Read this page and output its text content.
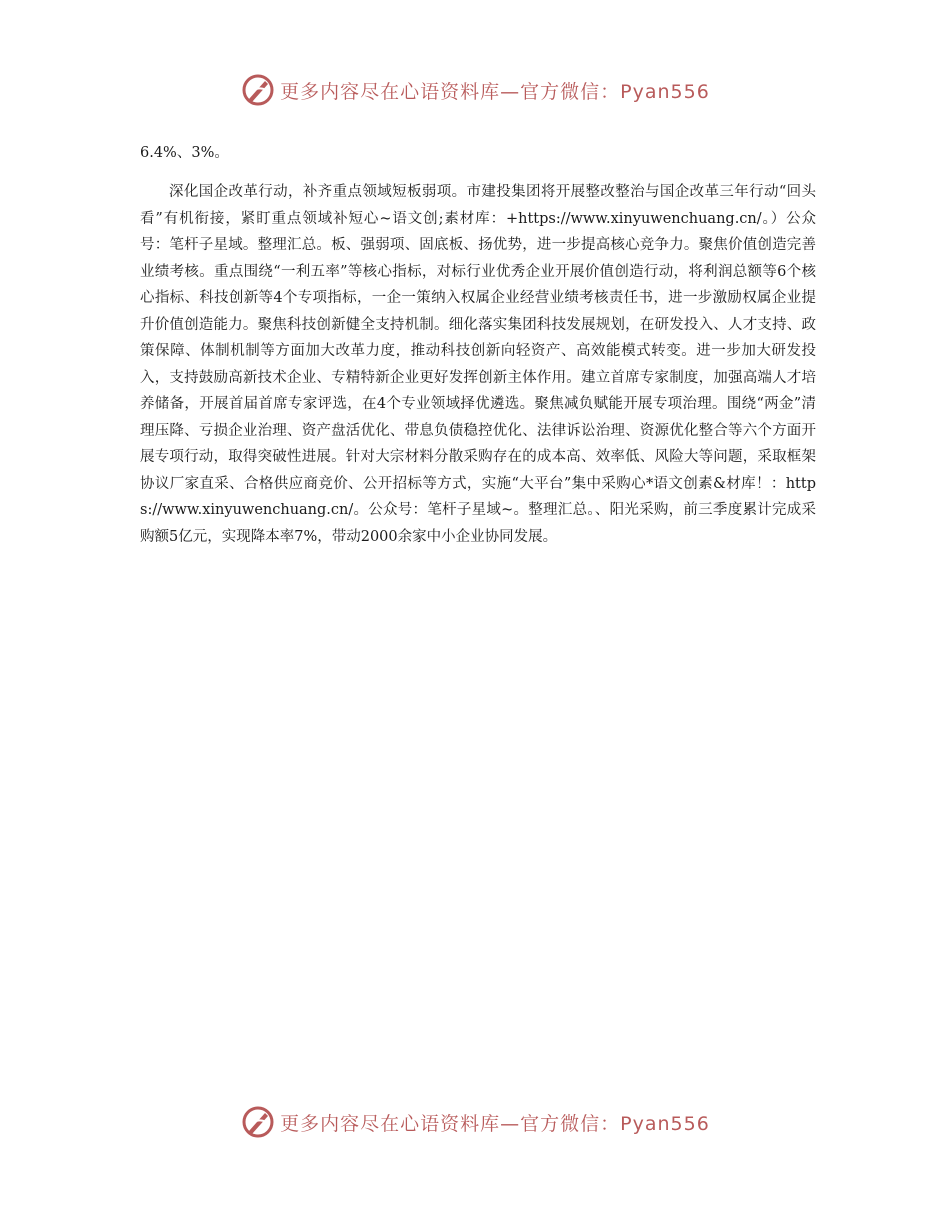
更多内容尽在心语资料库—官方微信：Pyan556

6.4%、3%。

深化国企改革行动，补齐重点领域短板弱项。市建投集团将开展整改整治与国企改革三年行动“回头看”有机衔接，紧盯重点领域补短心~语文创;素材库：+https://www.xinyuwenchuang.cn/。）公众号：笔杆子星域。整理汇总。板、强弱项、固底板、扬优势，进一步提高核心竞争力。聚焦价值创造完善业绩考核。重点围绕“一利五率”等核心指标，对标行业优秀企业开展价值创造行动，将利润总额等6个核心指标、科技创新等4个专项指标，一企一策纳入权属企业经营业绩考核责任书，进一步激励权属企业提升价值创造能力。聚焦科技创新健全支持机制。细化落实集团科技发展规划，在研发投入、人才支持、政策保障、体制机制等方面加大改革力度，推动科技创新向轻资产、高效能模式转变。进一步加大研发投入，支持鼓励高新技术企业、专精特新企业更好发挥创新主体作用。建立首席专家制度，加强高端人才培养储备，开展首届首席专家评选，在4个专业领域择优遴选。聚焦减负赋能开展专项治理。围绕“两金”清理压降、亏损企业治理、资产盘活优化、带息负债稳控优化、法律诉讼治理、资源优化整合等六个方面开展专项行动，取得突破性进展。针对大宗材料分散采购存在的成本高、效率低、风险大等问题，采取框架协议厂家直采、合格供应商竞价、公开招标等方式，实施“大平台”集中采购心*语文创素&材库！：https://www.xinyuwenchuang.cn/。公众号：笔杆子星域~。整理汇总。、阳光采购，前三季度累计完成采购额5亿元，实现降本率7%，带动2000余家中小企业协同发展。

更多内容尽在心语资料库—官方微信：Pyan556
